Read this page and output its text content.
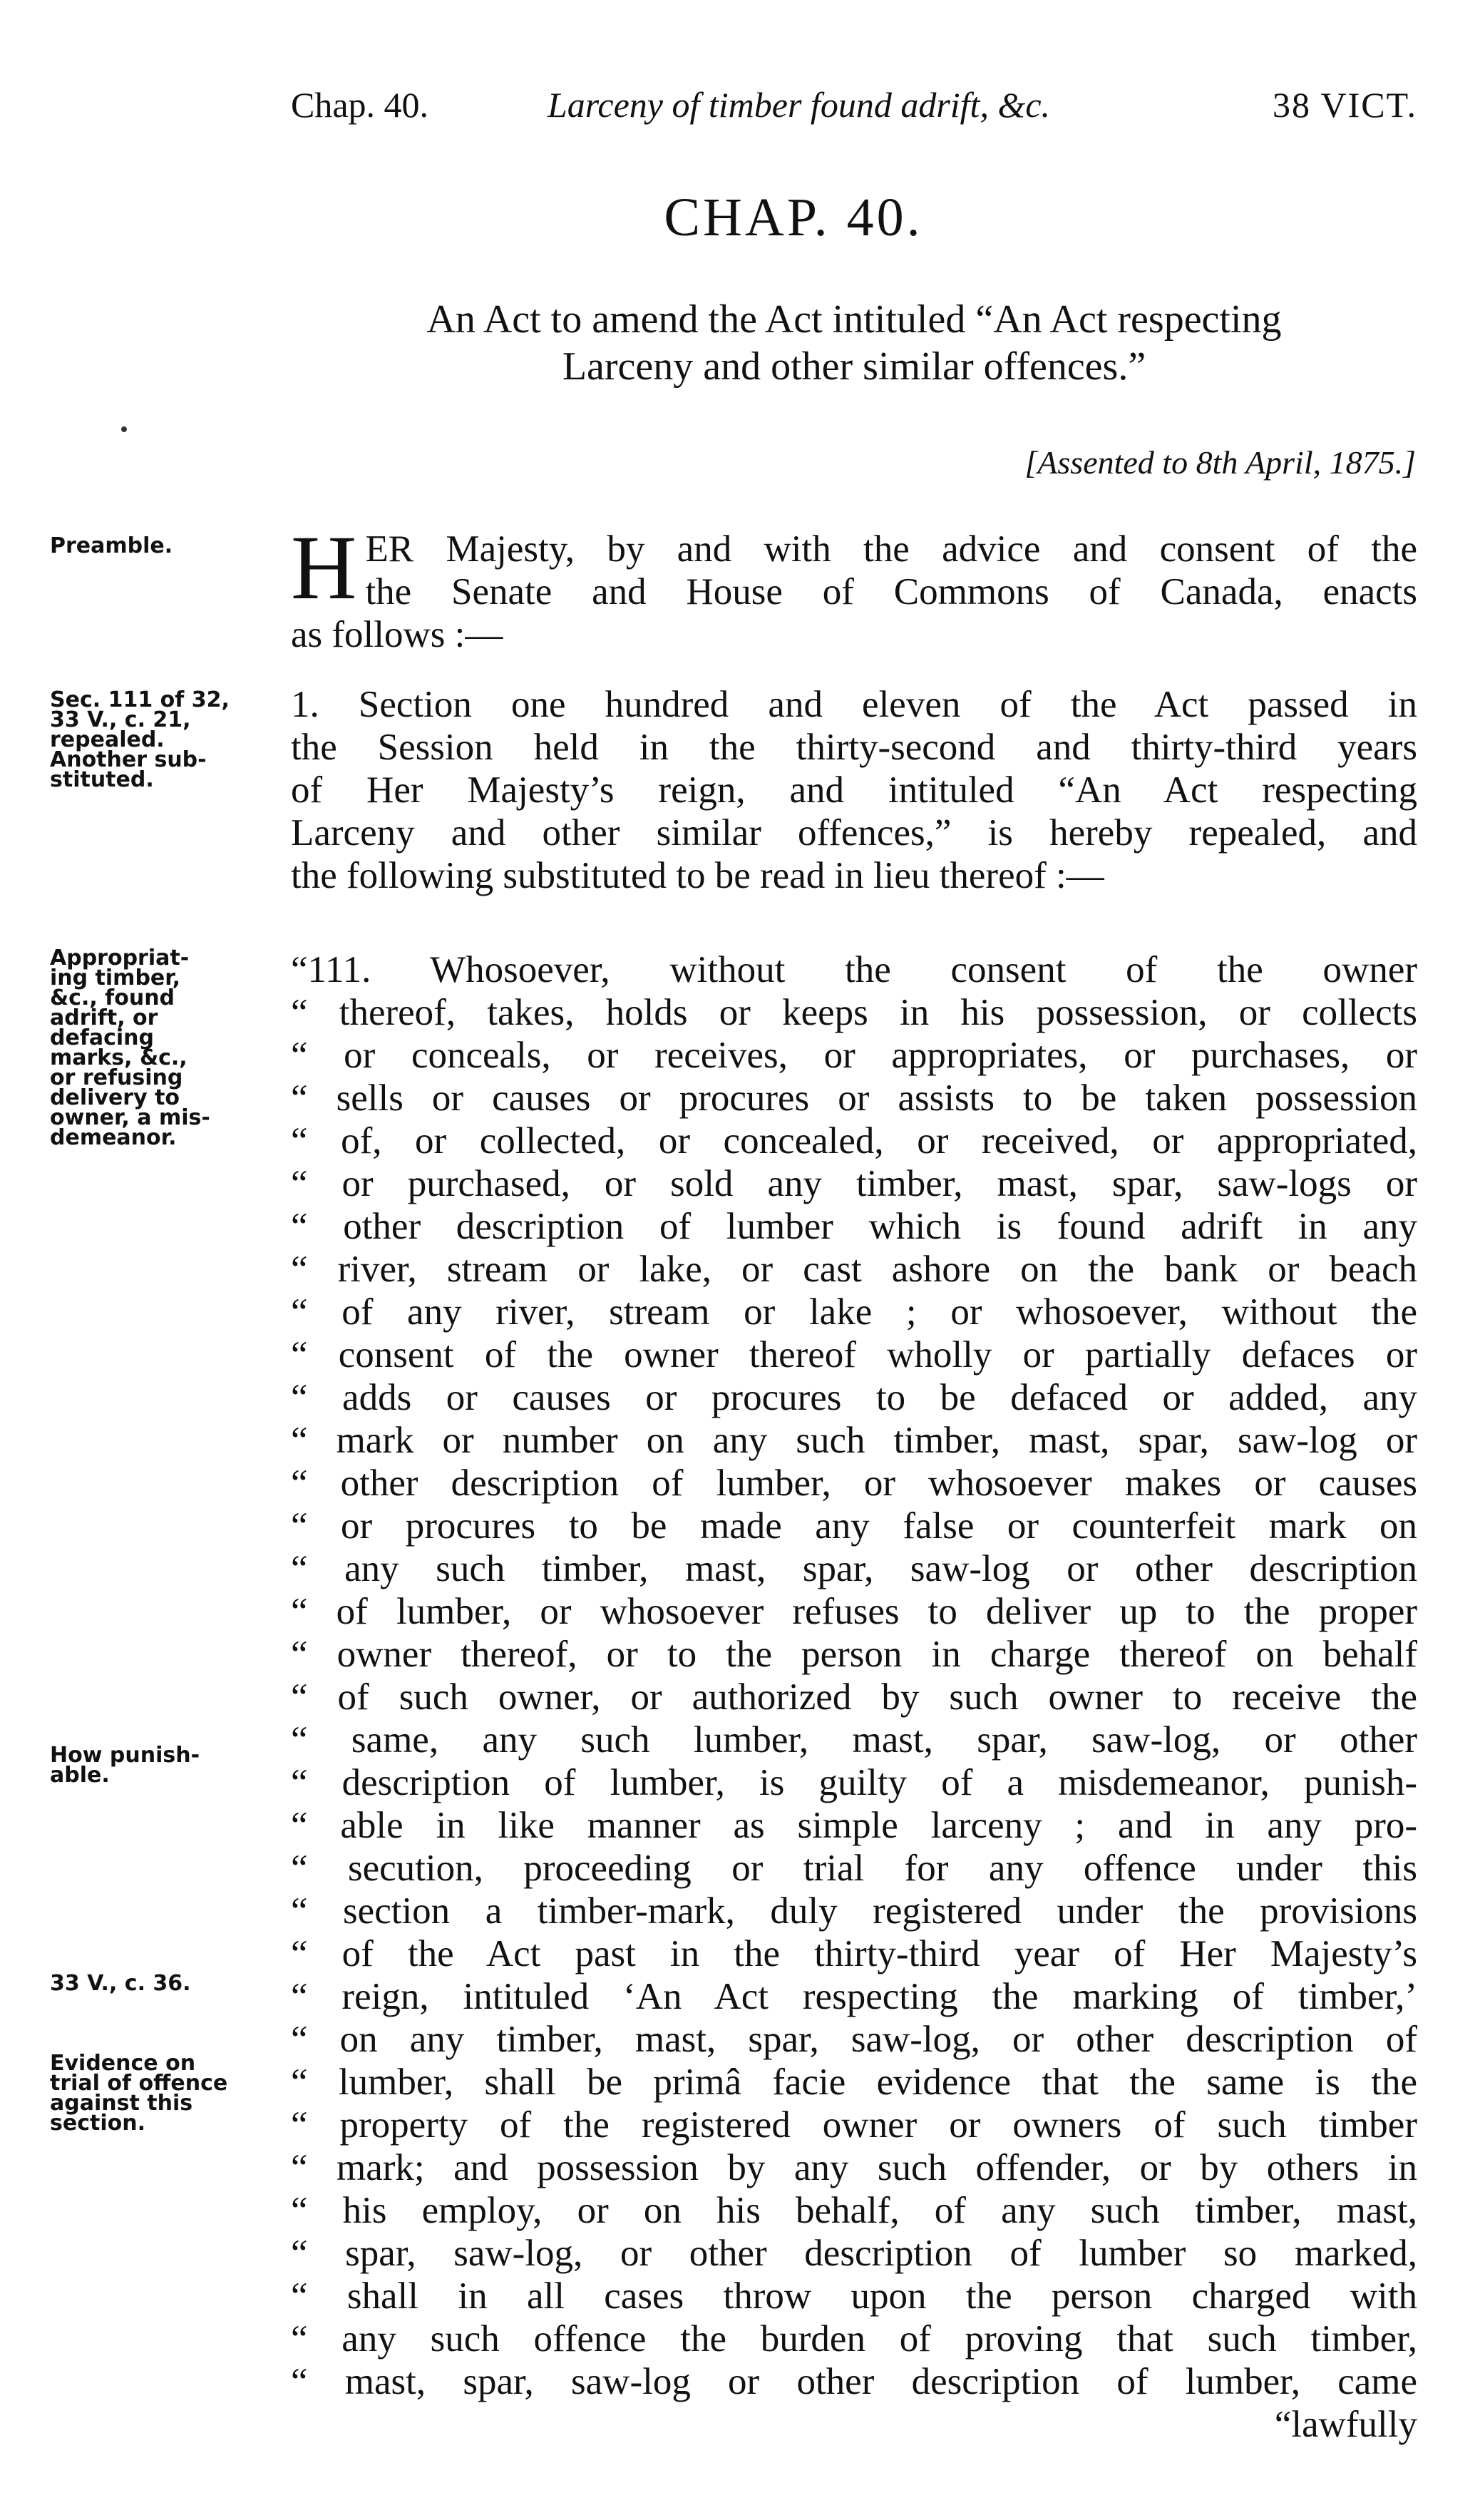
Chap. 40.	Larceny of timber found adrift, &c.	38 VICT.
CHAP. 40.
An Act to amend the Act intituled “An Act respecting
Larceny and other similar offences.”
[Assented to 8th April, 1875.]
Preamble.
Sec. 111 of 32,
33 V., c. 21,
repealed.
Another sub-
stituted.
Appropriat-
ing timber,
&c., found
adrift, or
defacing
marks, &c.,
or refusing
delivery to
owner, a mis-
demeanor.
How punish-
able.
33 V., c. 36.
Evidence on
trial of offence
against this
section.
H ER Majesty, by and with the advice and consent of the
the Senate and House of Commons of Canada, enacts
as follows :—
1. Section one hundred and eleven of the Act passed in
the Session held in the thirty-second and thirty-third years
of Her Majesty’s reign, and intituled “An Act respecting
Larceny and other similar offences,” is hereby repealed, and
the following substituted to be read in lieu thereof :—
“111. Whosoever, without the consent of the owner
“ thereof, takes, holds or keeps in his possession, or collects
“ or conceals, or receives, or appropriates, or purchases, or
“ sells or causes or procures or assists to be taken possession
“ of, or collected, or concealed, or received, or appropriated,
“ or purchased, or sold any timber, mast, spar, saw-logs or
“ other description of lumber which is found adrift in any
“ river, stream or lake, or cast ashore on the bank or beach
“ of any river, stream or lake ; or whosoever, without the
“ consent of the owner thereof wholly or partially defaces or
“ adds or causes or procures to be defaced or added, any
“ mark or number on any such timber, mast, spar, saw-log or
“ other description of lumber, or whosoever makes or causes
“ or procures to be made any false or counterfeit mark on
“ any such timber, mast, spar, saw-log or other description
“ of lumber, or whosoever refuses to deliver up to the proper
“ owner thereof, or to the person in charge thereof on behalf
“ of such owner, or authorized by such owner to receive the
“ same, any such lumber, mast, spar, saw-log, or other
“ description of lumber, is guilty of a misdemeanor, punish-
“ able in like manner as simple larceny ; and in any pro-
“ secution, proceeding or trial for any offence under this
“ section a timber-mark, duly registered under the provisions
“ of the Act past in the thirty-third year of Her Majesty’s
“ reign, intituled ‘An Act respecting the marking of timber,’
“ on any timber, mast, spar, saw-log, or other description of
“ lumber, shall be primâ facie evidence that the same is the
“ property of the registered owner or owners of such timber
“ mark; and possession by any such offender, or by others in
“ his employ, or on his behalf, of any such timber, mast,
“ spar, saw-log, or other description of lumber so marked,
“ shall in all cases throw upon the person charged with
“ any such offence the burden of proving that such timber,
“ mast, spar, saw-log or other description of lumber, came
“lawfully
